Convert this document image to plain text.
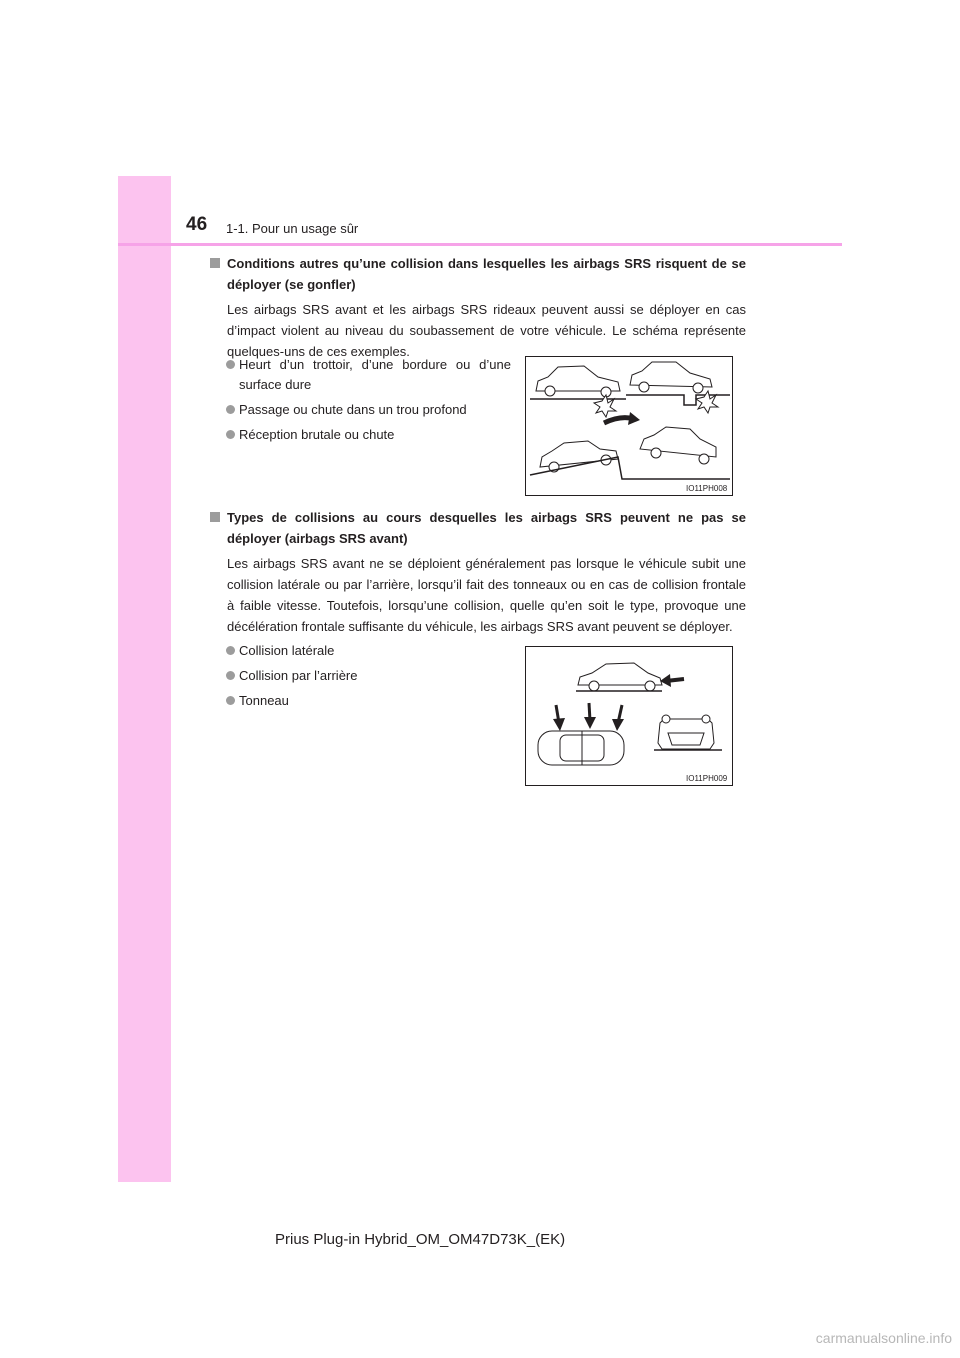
46 1-1. Pour un usage sûr
Conditions autres qu’une collision dans lesquelles les airbags SRS risquent de se déployer (se gonfler)
Les airbags SRS avant et les airbags SRS rideaux peuvent aussi se déployer en cas d’impact violent au niveau du soubassement de votre véhicule. Le schéma représente quelques-uns de ces exemples.
Heurt d’un trottoir, d’une bordure ou d’une surface dure
Passage ou chute dans un trou profond
Réception brutale ou chute
IO11PH008
Types de collisions au cours desquelles les airbags SRS peuvent ne pas se déployer (airbags SRS avant)
Les airbags SRS avant ne se déploient généralement pas lorsque le véhicule subit une collision latérale ou par l’arrière, lorsqu’il fait des tonneaux ou en cas de collision frontale à faible vitesse. Toutefois, lorsqu’une collision, quelle qu’en soit le type, provoque une décélération frontale suffisante du véhicule, les airbags SRS avant peuvent se déployer.
Collision latérale
Collision par l’arrière
Tonneau
IO11PH009
Prius Plug-in Hybrid_OM_OM47D73K_(EK)
carmanualsonline.info
